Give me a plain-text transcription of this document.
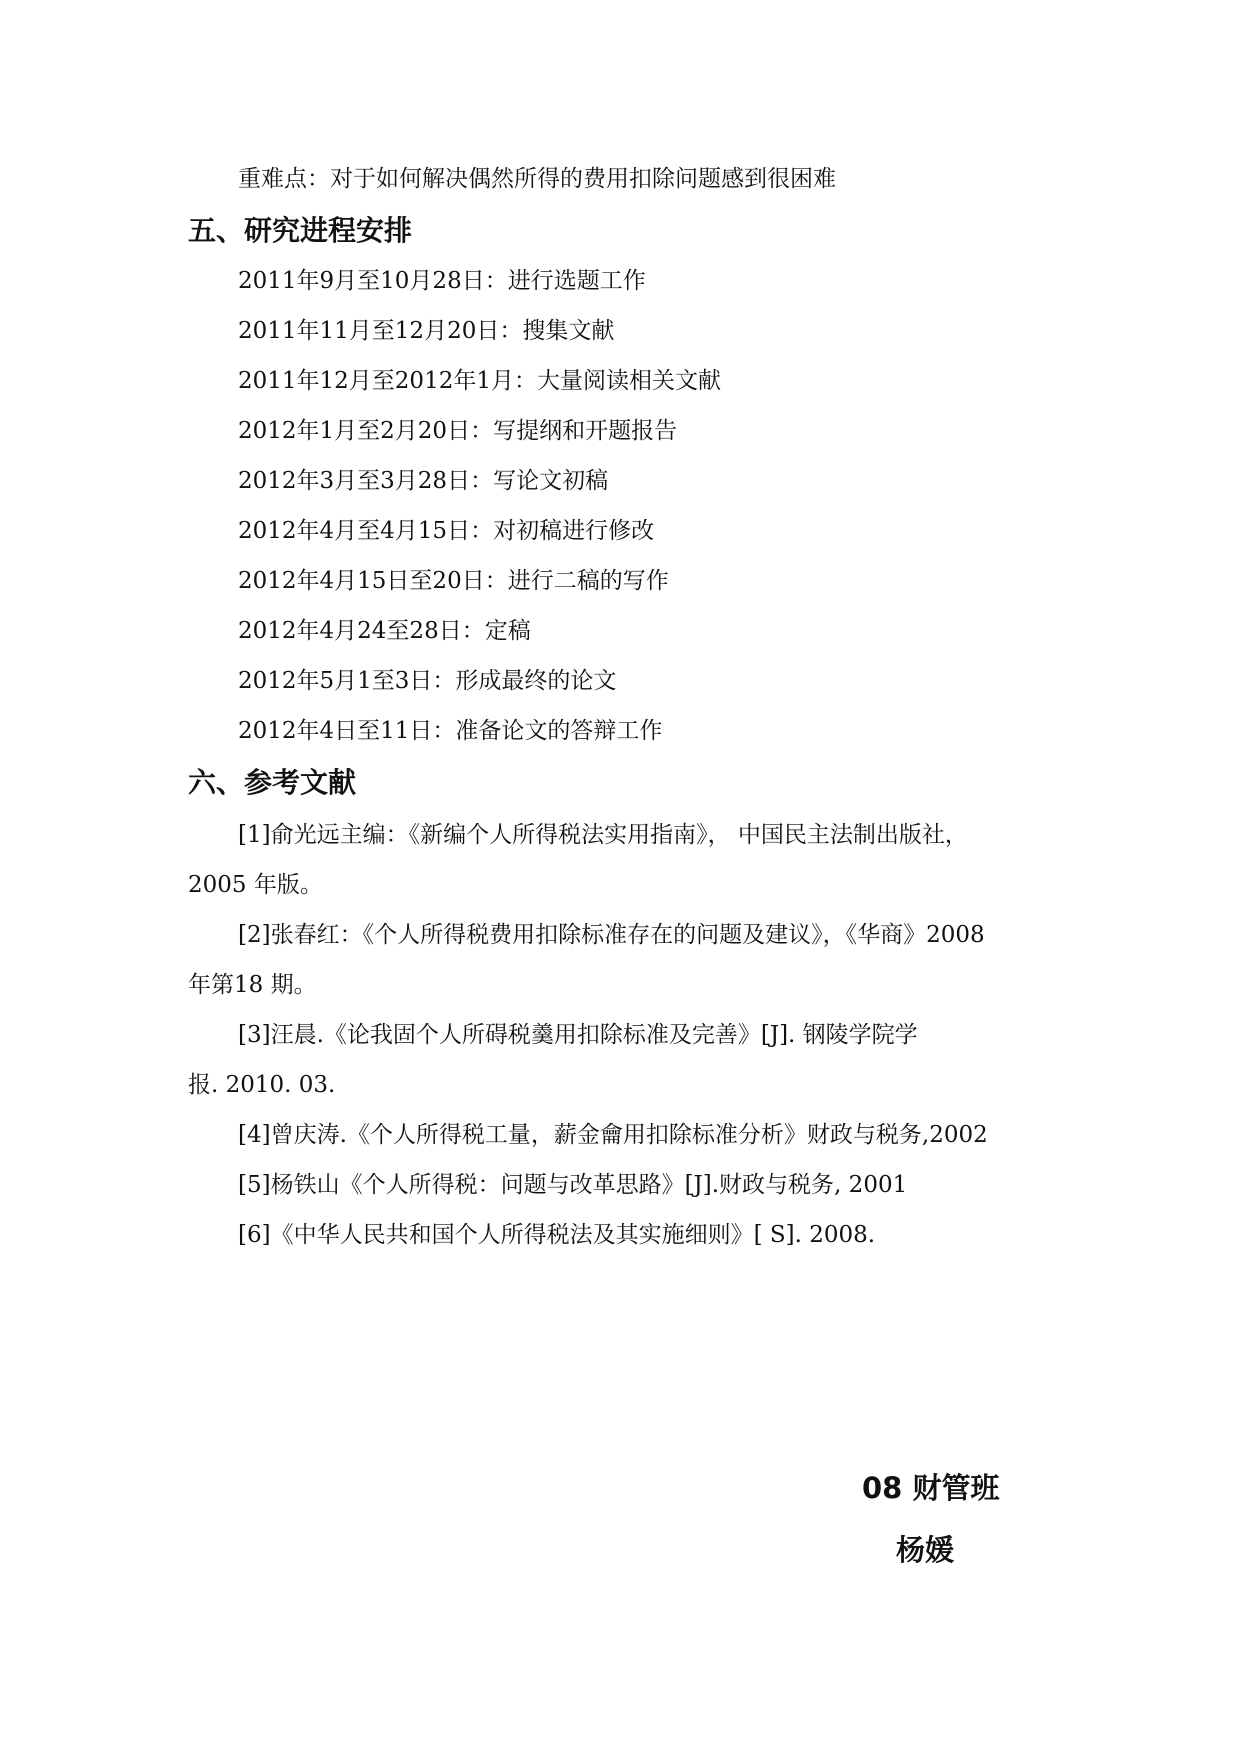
重难点：对于如何解决偶然所得的费用扣除问题感到很困难
五、研究进程安排
2011年9月至10月28日：进行选题工作
2011年11月至12月20日：搜集文献
2011年12月至2012年1月：大量阅读相关文献
2012年1月至2月20日：写提纲和开题报告
2012年3月至3月28日：写论文初稿
2012年4月至4月15日：对初稿进行修改
2012年4月15日至20日：进行二稿的写作
2012年4月24至28日：定稿
2012年5月1至3日：形成最终的论文
2012年4日至11日：准备论文的答辩工作
六、参考文献
[1]俞光远主编：《新编个人所得税法实用指南》， 中国民主法制出版社，
2005 年版。
[2]张春红：《个人所得税费用扣除标准存在的问题及建议》，《华商》2008
年第18 期。
[3]汪晨.《论我固个人所碍税羹用扣除标准及完善》[J]. 钢陵学院学
报. 2010. 03.
[4]曾庆涛.《个人所得税工量，薪金龠用扣除标准分析》财政与税务,2002
[5]杨铁山《个人所得税：问题与改革思路》[J].财政与税务, 2001
[6]《中华人民共和国个人所得税法及其实施细则》[ S]. 2008.
08 财管班
杨媛
